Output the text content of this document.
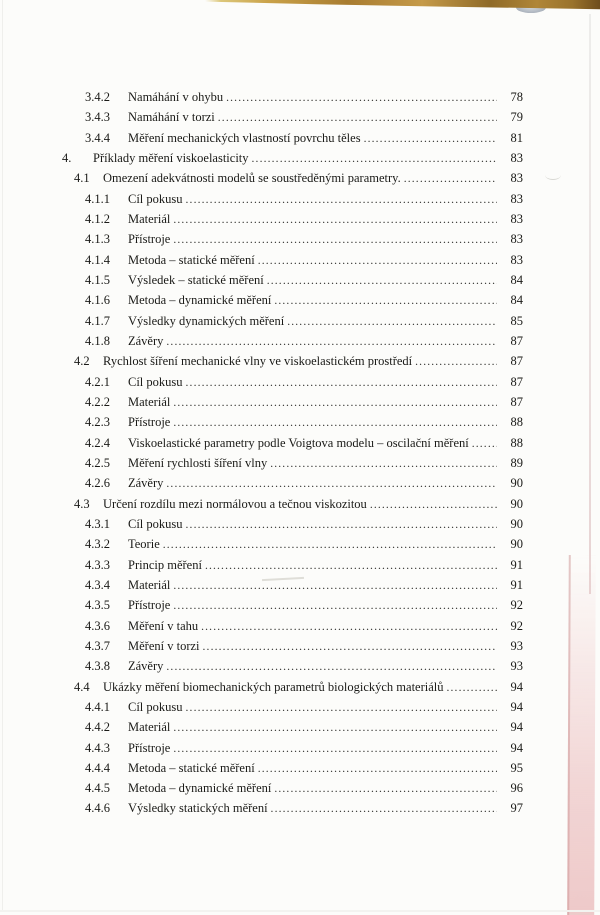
3.4.2	Namáhání v ohybu .....	78
3.4.3	Namáhání v torzi .....	79
3.4.4	Měření mechanických vlastností povrchu těles .....	81
4.	Příklady měření viskoelasticity .....	83
4.1	Omezení adekvátnosti modelů se soustředěnými parametry. .....	83
4.1.1	Cíl pokusu .....	83
4.1.2	Materiál .....	83
4.1.3	Přístroje .....	83
4.1.4	Metoda – statické měření .....	83
4.1.5	Výsledek – statické měření .....	84
4.1.6	Metoda – dynamické měření .....	84
4.1.7	Výsledky dynamických měření .....	85
4.1.8	Závěry .....	87
4.2	Rychlost šíření mechanické vlny ve viskoelastickém prostředí .....	87
4.2.1	Cíl pokusu .....	87
4.2.2	Materiál .....	87
4.2.3	Přístroje .....	88
4.2.4	Viskoelastické parametry podle Voigtova modelu – oscilační měření .....	88
4.2.5	Měření rychlosti šíření vlny .....	89
4.2.6	Závěry .....	90
4.3	Určení rozdílu mezi normálovou a tečnou viskozitou .....	90
4.3.1	Cíl pokusu .....	90
4.3.2	Teorie .....	90
4.3.3	Princip měření .....	91
4.3.4	Materiál .....	91
4.3.5	Přístroje .....	92
4.3.6	Měření v tahu .....	92
4.3.7	Měření v torzi .....	93
4.3.8	Závěry .....	93
4.4	Ukázky měření biomechanických parametrů biologických materiálů .....	94
4.4.1	Cíl pokusu .....	94
4.4.2	Materiál .....	94
4.4.3	Přístroje .....	94
4.4.4	Metoda – statické měření .....	95
4.4.5	Metoda – dynamické měření .....	96
4.4.6	Výsledky statických měření .....	97
